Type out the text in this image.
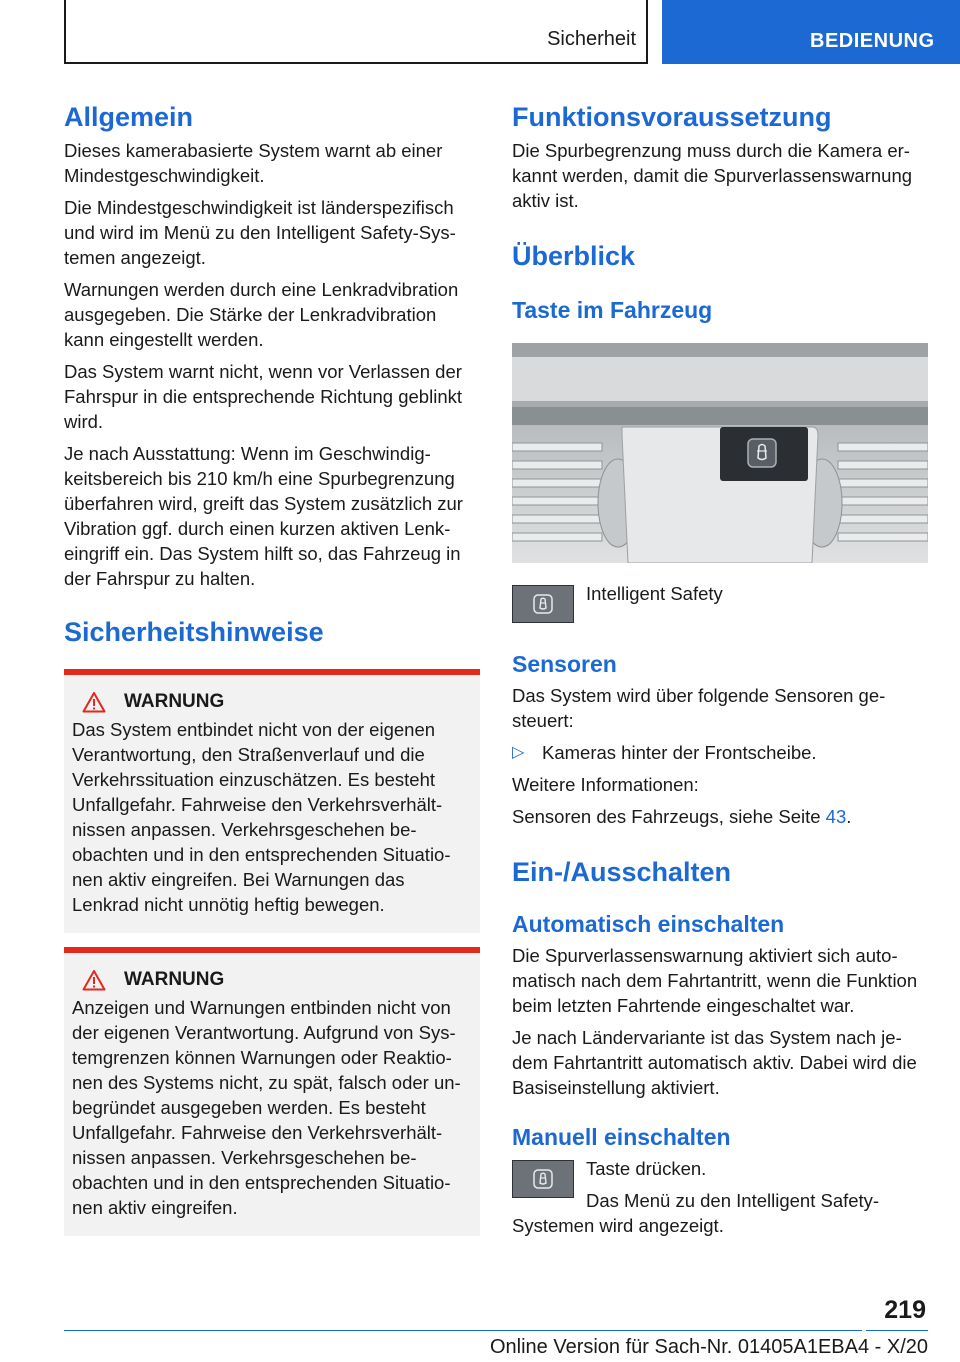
Sicherheit	BEDIENUNG
Allgemein

Dieses kamerabasierte System warnt ab einer Mindestgeschwindigkeit.

Die Mindestgeschwindigkeit ist länderspezifisch und wird im Menü zu den Intelligent Safety-Systemen angezeigt.

Warnungen werden durch eine Lenkradvibration ausgegeben. Die Stärke der Lenkradvibration kann eingestellt werden.

Das System warnt nicht, wenn vor Verlassen der Fahrspur in die entsprechende Richtung geblinkt wird.

Je nach Ausstattung: Wenn im Geschwindigkeitsbereich bis 210 km/h eine Spurbegrenzung überfahren wird, greift das System zusätzlich zur Vibration ggf. durch einen kurzen aktiven Lenkeingriff ein. Das System hilft so, das Fahrzeug in der Fahrspur zu halten.

Sicherheitshinweise
WARNUNG

Das System entbindet nicht von der eigenen Verantwortung, den Straßenverlauf und die Verkehrssituation einzuschätzen. Es besteht Unfallgefahr. Fahrweise den Verkehrsverhältnissen anpassen. Verkehrsgeschehen beobachten und in den entsprechenden Situationen aktiv eingreifen. Bei Warnungen das Lenkrad nicht unnötig heftig bewegen.

WARNUNG

Anzeigen und Warnungen entbinden nicht von der eigenen Verantwortung. Aufgrund von Systemgrenzen können Warnungen oder Reaktionen des Systems nicht, zu spät, falsch oder unbegründet ausgegeben werden. Es besteht Unfallgefahr. Fahrweise den Verkehrsverhältnissen anpassen. Verkehrsgeschehen beobachten und in den entsprechenden Situationen aktiv eingreifen.

Funktionsvoraussetzung

Die Spurbegrenzung muss durch die Kamera erkannt werden, damit die Spurverlassenswarnung aktiv ist.

Überblick
Taste im Fahrzeug

Intelligent Safety

Sensoren

Das System wird über folgende Sensoren gesteuert:

▷ Kameras hinter der Frontscheibe.

Weitere Informationen:

Sensoren des Fahrzeugs, siehe Seite 43.

Ein-/Ausschalten
Automatisch einschalten

Die Spurverlassenswarnung aktiviert sich automatisch nach dem Fahrtantritt, wenn die Funktion beim letzten Fahrtende eingeschaltet war.

Je nach Ländervariante ist das System nach jedem Fahrtantritt automatisch aktiv. Dabei wird die Basiseinstellung aktiviert.

Manuell einschalten

Taste drücken.

Das Menü zu den Intelligent Safety-Systemen wird angezeigt.

219
Online Version für Sach-Nr. 01405A1EBA4 - X/20
